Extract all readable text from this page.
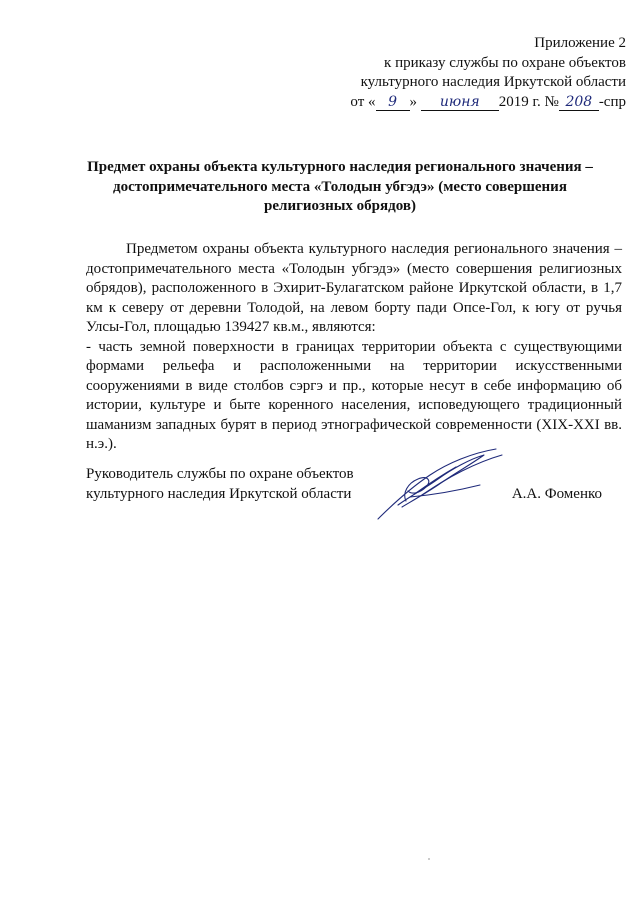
Приложение 2
к приказу службы по охране объектов
культурного наследия Иркутской области
от « 9 » июня 2019 г. № 208 -спр
Предмет охраны объекта культурного наследия регионального значения –
достопримечательного места «Толодын убгэдэ» (место совершения
религиозных обрядов)

Предметом охраны объекта культурного наследия регионального значения – достопримечательного места «Толодын убгэдэ» (место совершения религиозных обрядов), расположенного в Эхирит-Булагатском районе Иркутской области, в 1,7 км к северу от деревни Толодой, на левом борту пади Опсе-Гол, к югу от ручья Улсы-Гол, площадью 139427 кв.м., являются:

- часть земной поверхности в границах территории объекта с существующими формами рельефа и расположенными на территории искусственными сооружениями в виде столбов сэргэ и пр., которые несут в себе информацию об истории, культуре и быте коренного населения, исповедующего традиционный шаманизм западных бурят в период этнографической современности (XIX-XXI вв. н.э.).

Руководитель службы по охране объектов
культурного наследия Иркутской области	А.А. Фоменко
